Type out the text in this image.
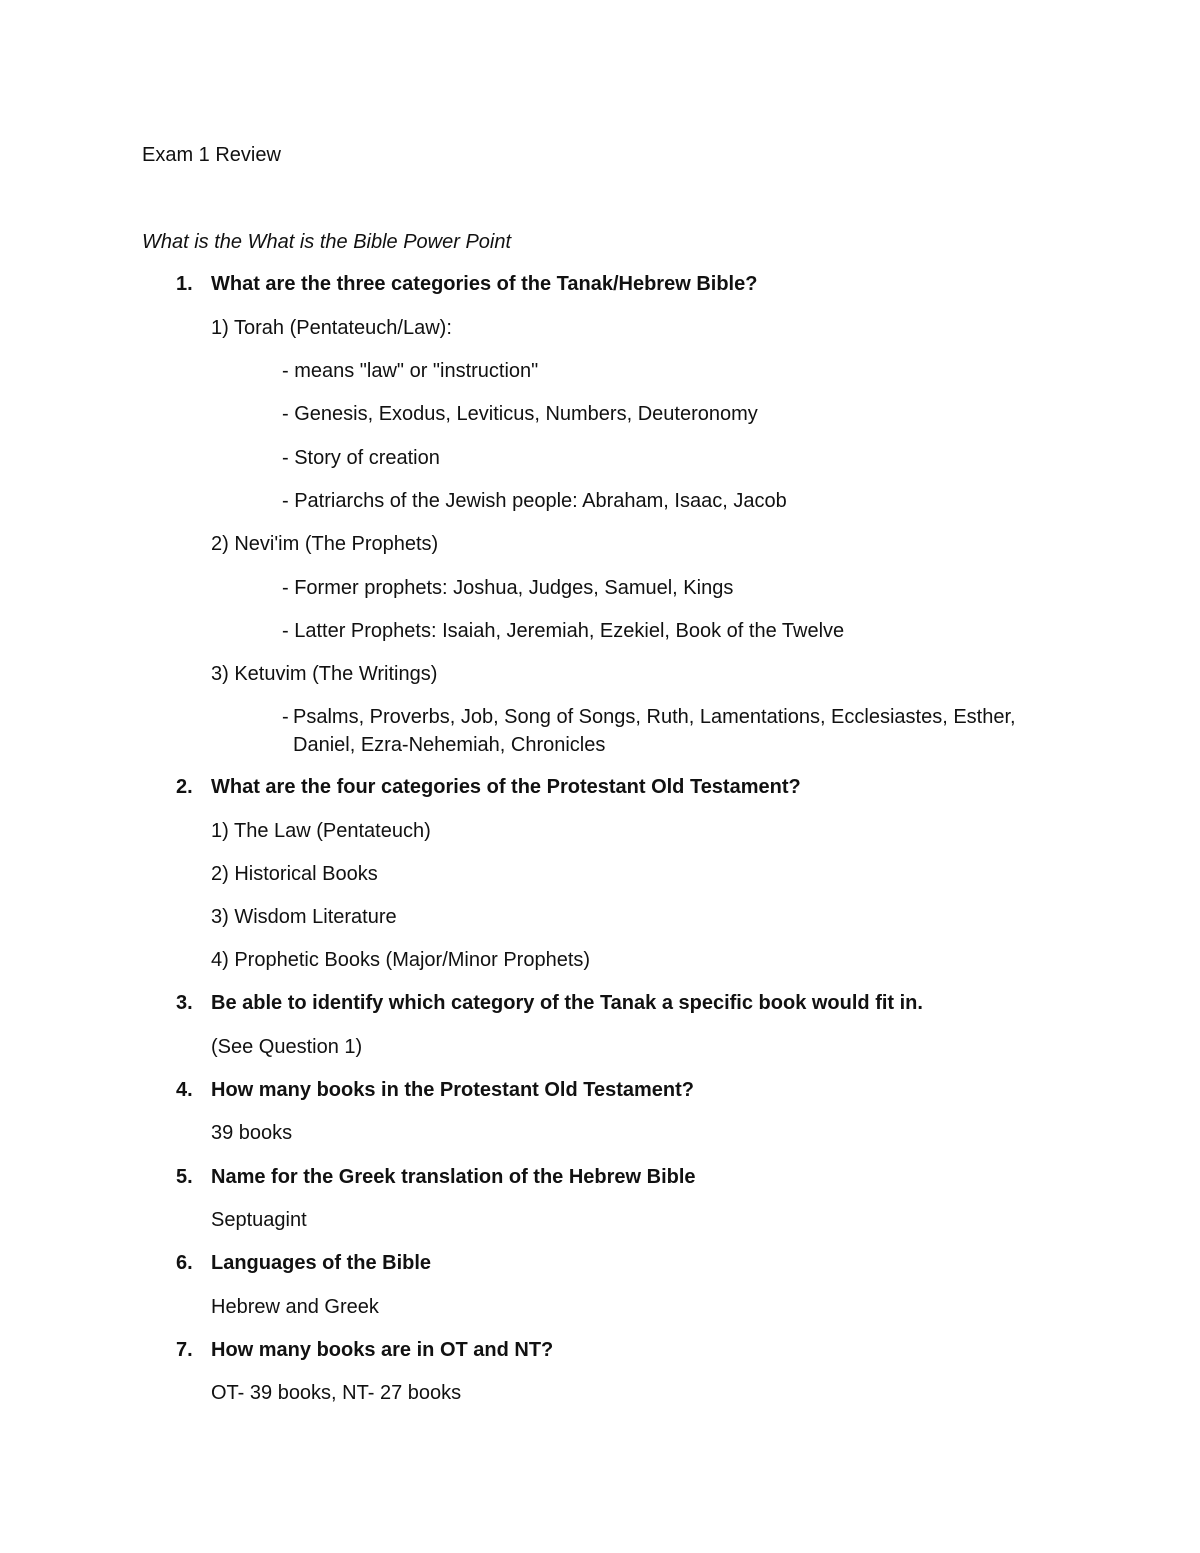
Exam 1 Review
What is the What is the Bible Power Point
1. What are the three categories of the Tanak/Hebrew Bible?
1) Torah (Pentateuch/Law):
- means "law" or "instruction"
- Genesis, Exodus, Leviticus, Numbers, Deuteronomy
- Story of creation
- Patriarchs of the Jewish people: Abraham, Isaac, Jacob
2) Nevi'im (The Prophets)
- Former prophets: Joshua, Judges, Samuel, Kings
- Latter Prophets: Isaiah, Jeremiah, Ezekiel, Book of the Twelve
3) Ketuvim (The Writings)
- Psalms, Proverbs, Job, Song of Songs, Ruth, Lamentations, Ecclesiastes, Esther, Daniel, Ezra-Nehemiah, Chronicles
2. What are the four categories of the Protestant Old Testament?
1) The Law (Pentateuch)
2) Historical Books
3) Wisdom Literature
4) Prophetic Books (Major/Minor Prophets)
3. Be able to identify which category of the Tanak a specific book would fit in.
(See Question 1)
4. How many books in the Protestant Old Testament?
39 books
5. Name for the Greek translation of the Hebrew Bible
Septuagint
6. Languages of the Bible
Hebrew and Greek
7. How many books are in OT and NT?
OT- 39 books, NT- 27 books
